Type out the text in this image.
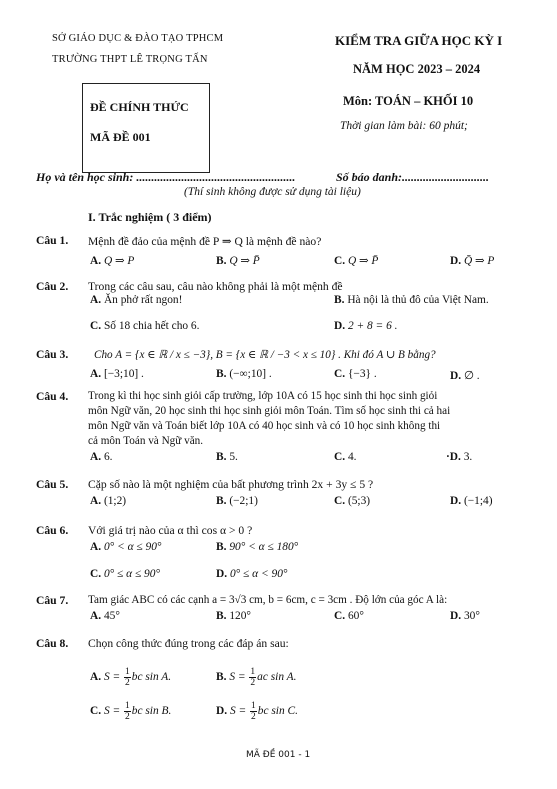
SỞ GIÁO DỤC & ĐÀO TẠO TPHCM
TRƯỜNG THPT LÊ TRỌNG TẤN
ĐỀ CHÍNH THỨC
MÃ ĐỀ 001
KIỂM TRA GIỮA HỌC KỲ I
NĂM HỌC 2023 – 2024
Môn: TOÁN – KHỐI 10
Thời gian làm bài: 60 phút;
Họ và tên học sinh: .....................................................	Số báo danh:.............................
(Thí sinh không được sử dụng tài liệu)
I. Trắc nghiệm ( 3 điểm)
Câu 1. Mệnh đề đảo của mệnh đề P ⇒ Q là mệnh đề nào?
A. Q ⇒ P	B. Q ⇒ P̄	C. Q ⇒ P̄	D. Q̄ ⇒ P
Câu 2. Trong các câu sau, câu nào không phải là một mệnh đề
A. Ăn phở rất ngon!	B. Hà nội là thủ đô của Việt Nam.
C. Số 18 chia hết cho 6.	D. 2 + 8 = 6 .
Câu 3. Cho A = {x ∈ ℝ / x ≤ −3}, B = {x ∈ ℝ / −3 < x ≤ 10} . Khi đó A ∪ B bằng?
A. [−3;10] .	B. (−∞;10] .	C. {−3} .	D. ∅ .
Câu 4. Trong kì thi học sinh giỏi cấp trường, lớp 10A có 15 học sinh thi học sinh giỏi
môn Ngữ văn, 20 học sinh thi học sinh giỏi môn Toán. Tìm số học sinh thi cả hai
môn Ngữ văn và Toán biết lớp 10A có 40 học sinh và có 10 học sinh không thi
cả môn Toán và Ngữ văn.
A. 6.	B. 5.	C. 4.	·D. 3.
Câu 5. Cặp số nào là một nghiệm của bất phương trình 2x + 3y ≤ 5 ?
A. (1;2)	B. (−2;1)	C. (5;3)	D. (−1;4)
Câu 6. Với giá trị nào của α thì cos α > 0 ?
A. 0° < α ≤ 90°	B. 90° < α ≤ 180°
C. 0° ≤ α ≤ 90°	D. 0° ≤ α < 90°
Câu 7. Tam giác ABC có các cạnh a = 3√3 cm, b = 6cm, c = 3cm . Độ lớn của góc A là:
A. 45°	B. 120°	C. 60°	D. 30°
Câu 8. Chọn công thức đúng trong các đáp án sau:
A. $S = \frac{1}{2}$ bc sin A.	B. $S = \frac{1}{2}$ ac sin A.
C. $S = \frac{1}{2}$ bc sin B.	D. $S = \frac{1}{2}$ bc sin C.
MÃ ĐỀ 001 - 1
